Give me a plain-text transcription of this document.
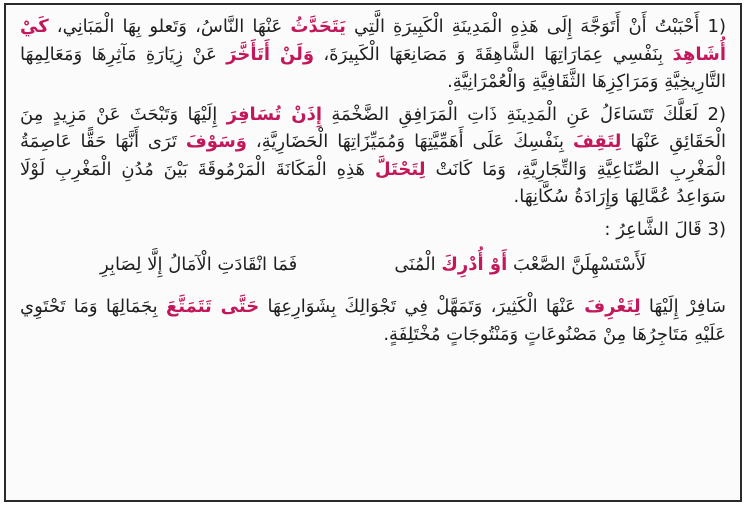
1) أَحْبَبْتُ أَنْ أَتَوَجَّهَ إِلَى هَذِهِ الْمَدِينَةِ الْكَبِيرَةِ الَّتِي يَتَحَدَّثُ عَنْهَا النَّاسُ، وَتَعلو بِهَا الْمَبَانِي، كَيْ أُشَاهِدَ بِنَفْسِي عِمَارَاتِهَا الشَّاهِقَةَ وَ مَصَانِعَهَا الْكَبِيرَةَ، وَلَنْ أَتَأَخَّرَ عَنْ زِيَارَةِ مَآثِرِهَا وَمَعَالِمِهَا التَّارِيخِيَّةِ وَمَرَاكِزِهَا الثَّقَافِيَّةِ وَالْعُمْرَانِيَّةِ.

2) لَعَلَّكَ تَتَسَاءَلُ عَنِ الْمَدِينَةِ ذَاتِ الْمَرَافِقِ الضَّخْمَةِ إِذَنْ تُسَافِرَ إِلَيْهَا وَتَبْحَثَ عَنْ مَزِيدٍ مِنَ الْحَقَائِقِ عَنْهَا لِتَقِفَ بِنَفْسِكَ عَلَى أَهَمِّيَّتِهَا وَمُمَيِّزَاتِهَا الْحَضَارِيَّةِ، وَسَوْفَ تَرَى أَنَّهَا حَقًّا عَاصِمَةُ الْمَغْرِبِ الصِّنَاعِيَّةِ وَالتِّجَارِيَّةِ، وَمَا كَانَتْ لِتَحْتَلَّ هَذِهِ الْمَكَانَةَ الْمَرْمُوقَةَ بَيْنَ مُدُنِ الْمَغْرِبِ لَوْلَا سَوَاعِدُ عُمَّالِهَا وَإِرَادَةُ سُكَّانِهَا.

3) قَالَ الشَّاعِرُ :

لَأَسْتَسْهِلَنَّ الصَّعْبَ أَوْ أُدْرِكَ الْمُنَى
فَمَا انْقَادَتِ الْآمَالُ إِلَّا لِصَابِرِ

سَافِرْ إِلَيْهَا لِتَعْرِفَ عَنْهَا الْكَثِيرَ، وَتَمَهَّلْ فِي تَجْوَالِكَ بِشَوَارِعِهَا حَتَّى تَتَمَتَّعَ بِجَمَالِهَا وَمَا تَحْتَوِي عَلَيْهِ مَتَاجِرُهَا مِنْ مَصْنُوعَاتٍ وَمَنْتُوجَاتٍ مُخْتَلِفَةٍ.
